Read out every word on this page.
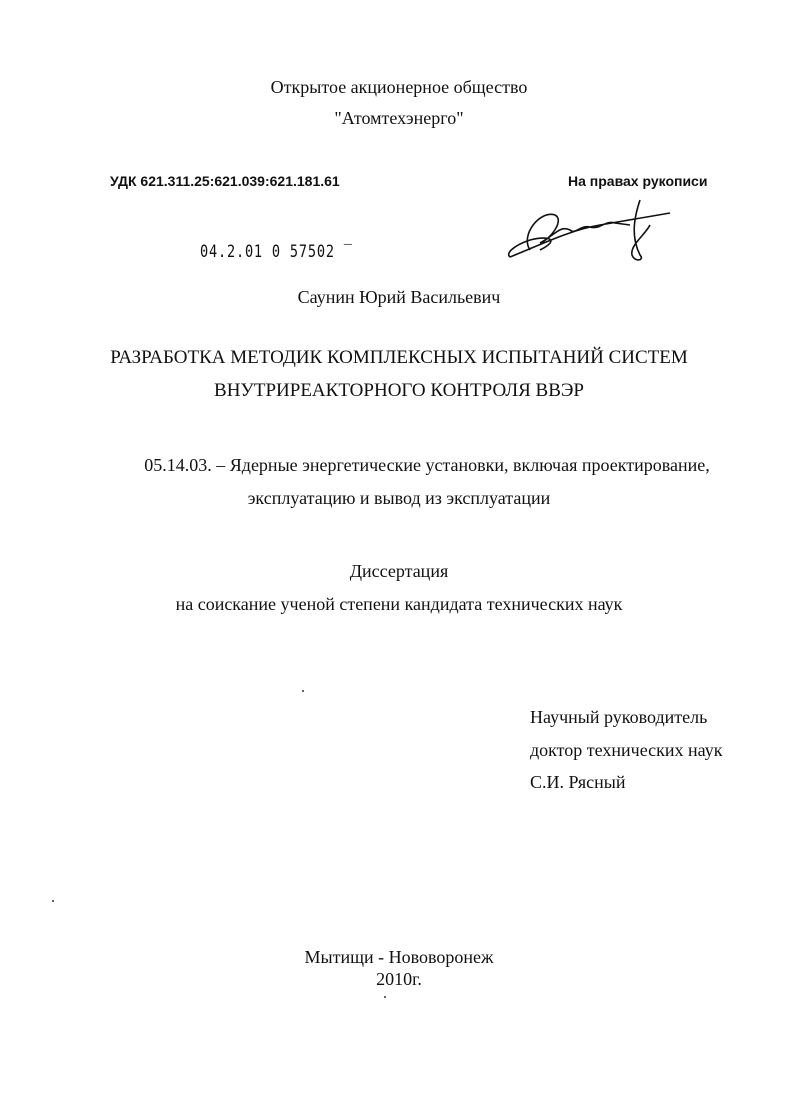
Открытое акционерное общество
"Атомтехэнерго"
УДК 621.311.25:621.039:621.181.61	На правах рукописи
04.2.01 0 57502 ‾
Саунин Юрий Васильевич
РАЗРАБОТКА МЕТОДИК КОМПЛЕКСНЫХ ИСПЫТАНИЙ СИСТЕМ
ВНУТРИРЕАКТОРНОГО КОНТРОЛЯ ВВЭР
05.14.03. – Ядерные энергетические установки, включая проектирование,
эксплуатацию и вывод из эксплуатации
Диссертация
на соискание ученой степени кандидата технических наук
Научный руководитель
доктор технических наук
С.И. Рясный
Мытищи - Нововоронеж
2010г.
